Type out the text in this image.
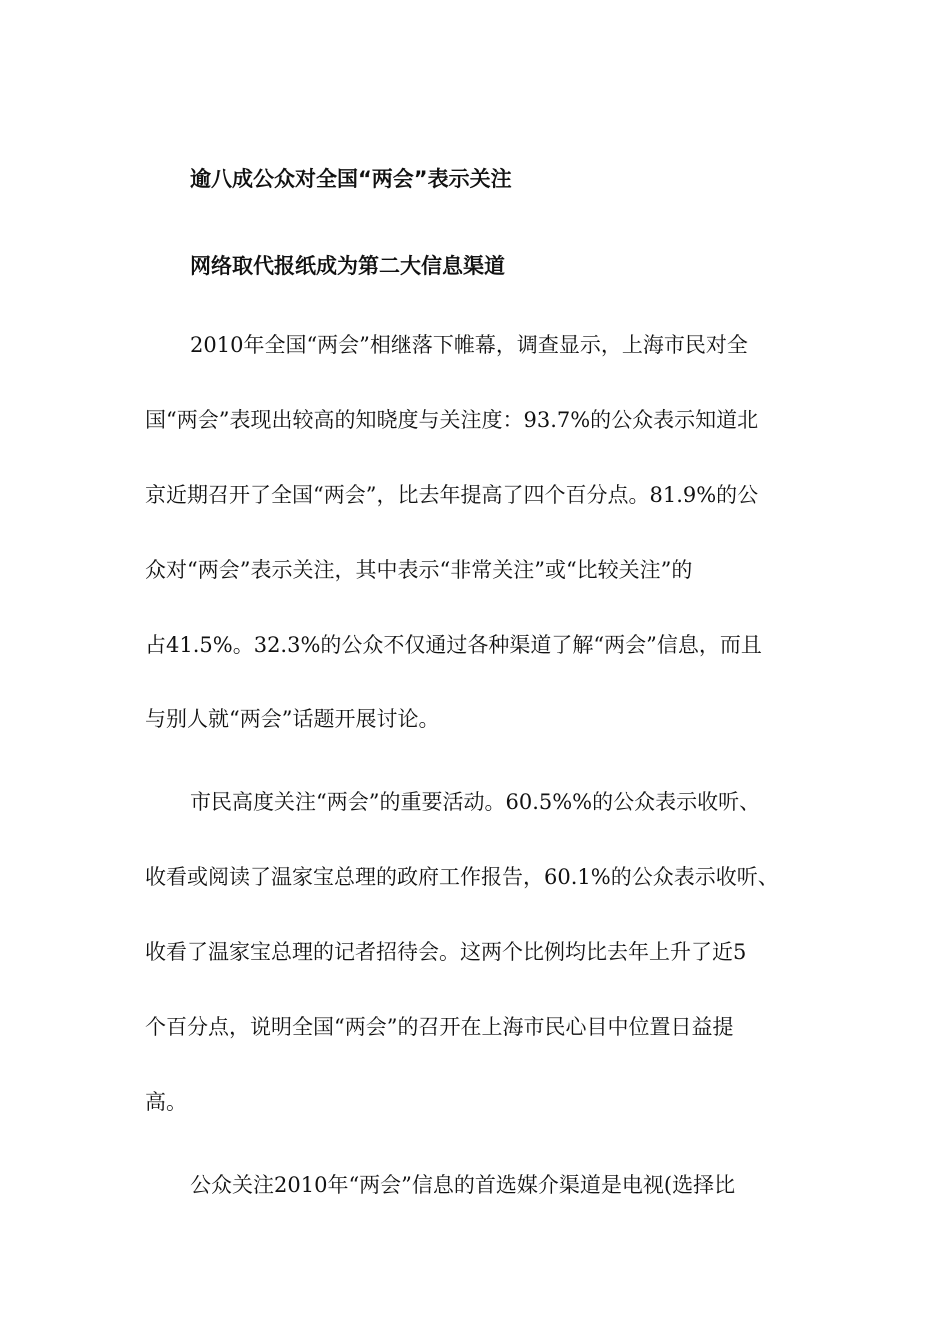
逾八成公众对全国“两会”表示关注
网络取代报纸成为第二大信息渠道
2010年全国“两会”相继落下帷幕，调查显示，上海市民对全
国“两会”表现出较高的知晓度与关注度：93.7%的公众表示知道北
京近期召开了全国“两会”，比去年提高了四个百分点。81.9%的公
众对“两会”表示关注，其中表示“非常关注”或“比较关注”的
占41.5%。32.3%的公众不仅通过各种渠道了解“两会”信息，而且
与别人就“两会”话题开展讨论。
市民高度关注“两会”的重要活动。60.5%%的公众表示收听、
收看或阅读了温家宝总理的政府工作报告，60.1%的公众表示收听、
收看了温家宝总理的记者招待会。这两个比例均比去年上升了近5
个百分点，说明全国“两会”的召开在上海市民心目中位置日益提
高。
公众关注2010年“两会”信息的首选媒介渠道是电视(选择比
